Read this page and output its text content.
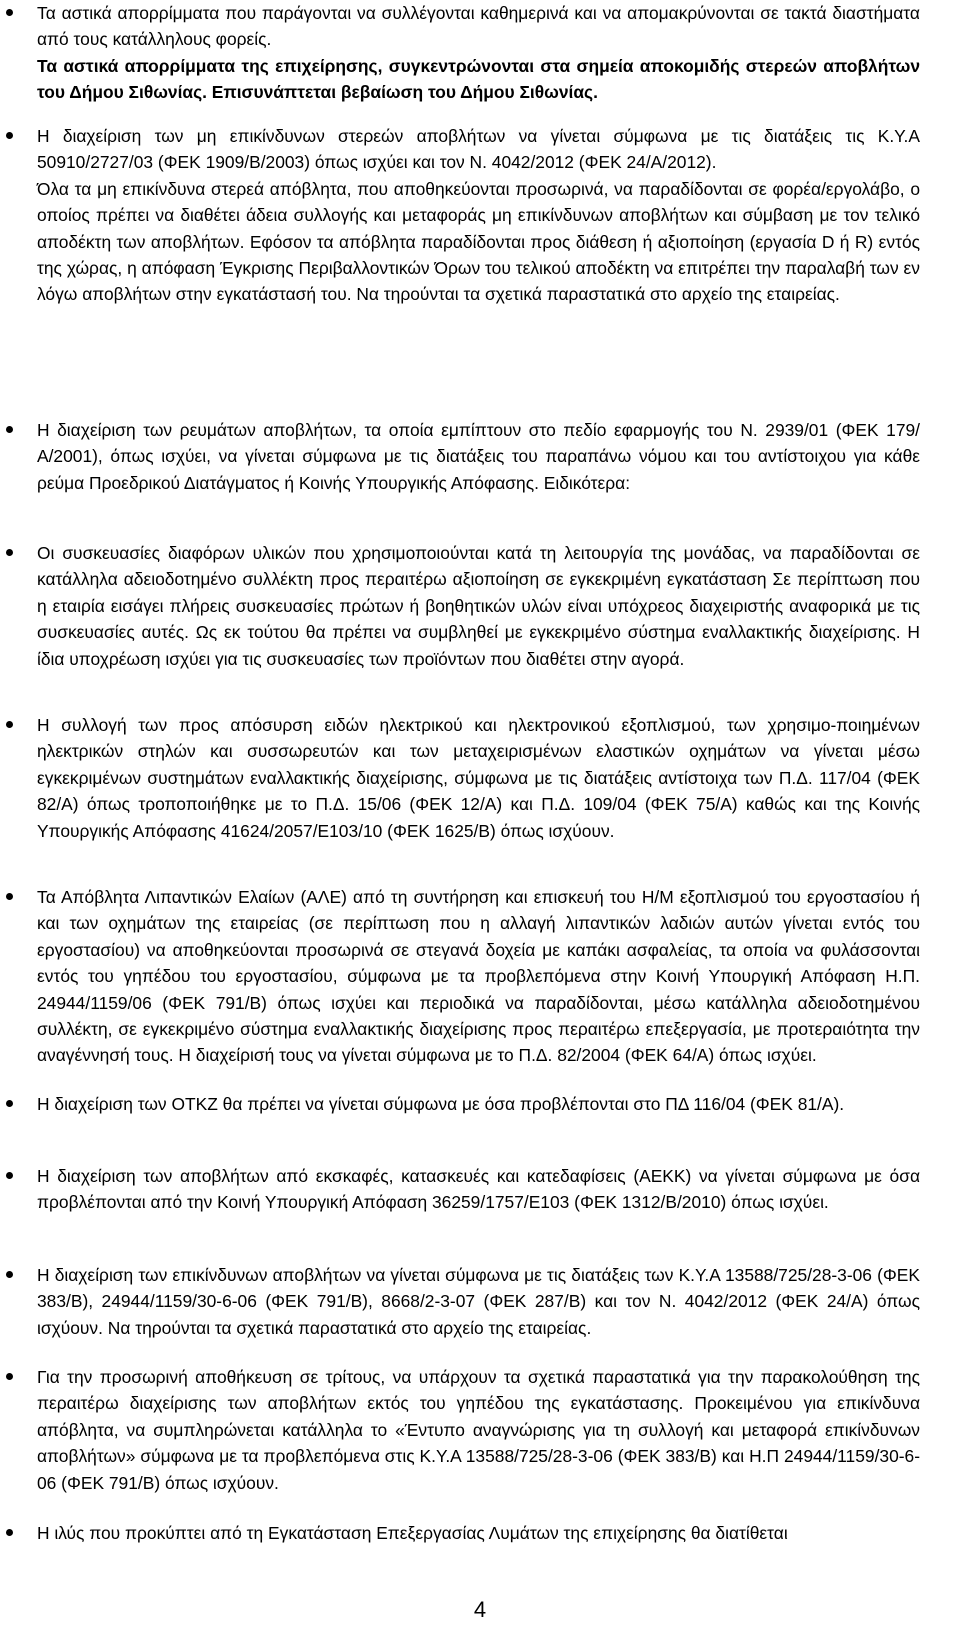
Τα αστικά απορρίμματα που παράγονται να συλλέγονται καθημερινά και να απομακρύνονται σε τακτά διαστήματα από τους κατάλληλους φορείς.
Τα αστικά απορρίμματα της επιχείρησης, συγκεντρώνονται στα σημεία αποκομιδής στερεών αποβλήτων του Δήμου Σιθωνίας. Επισυνάπτεται βεβαίωση του Δήμου Σιθωνίας.
Η διαχείριση των μη επικίνδυνων στερεών αποβλήτων να γίνεται σύμφωνα με τις διατάξεις τις Κ.Υ.Α 50910/2727/03 (ΦΕΚ 1909/Β/2003) όπως ισχύει και τον Ν. 4042/2012 (ΦΕΚ 24/Α/2012).
Όλα τα μη επικίνδυνα στερεά απόβλητα, που αποθηκεύονται προσωρινά, να παραδίδονται σε φορέα/εργολάβο, ο οποίος πρέπει να διαθέτει άδεια συλλογής και μεταφοράς μη επικίνδυνων αποβλήτων και σύμβαση με τον τελικό αποδέκτη των αποβλήτων. Εφόσον τα απόβλητα παραδίδονται προς διάθεση ή αξιοποίηση (εργασία D ή R) εντός της χώρας, η απόφαση Έγκρισης Περιβαλλοντικών Όρων του τελικού αποδέκτη να επιτρέπει την παραλαβή των εν λόγω αποβλήτων στην εγκατάστασή του. Να τηρούνται τα σχετικά παραστατικά στο αρχείο της εταιρείας.
Η διαχείριση των ρευμάτων αποβλήτων, τα οποία εμπίπτουν στο πεδίο εφαρμογής του Ν. 2939/01 (ΦΕΚ 179/Α/2001), όπως ισχύει, να γίνεται σύμφωνα με τις διατάξεις του παραπάνω νόμου και του αντίστοιχου για κάθε ρεύμα Προεδρικού Διατάγματος ή Κοινής Υπουργικής Απόφασης. Ειδικότερα:
Οι συσκευασίες διαφόρων υλικών που χρησιμοποιούνται κατά τη λειτουργία της μονάδας, να παραδίδονται σε κατάλληλα αδειοδοτημένο συλλέκτη προς περαιτέρω αξιοποίηση σε εγκεκριμένη εγκατάσταση Σε περίπτωση που η εταιρία εισάγει πλήρεις συσκευασίες πρώτων ή βοηθητικών υλών είναι υπόχρεος διαχειριστής αναφορικά με τις συσκευασίες αυτές. Ως εκ τούτου θα πρέπει να συμβληθεί με εγκεκριμένο σύστημα εναλλακτικής διαχείρισης. Η ίδια υποχρέωση ισχύει για τις συσκευασίες των προϊόντων που διαθέτει στην αγορά.
Η συλλογή των προς απόσυρση ειδών ηλεκτρικού και ηλεκτρονικού εξοπλισμού, των χρησιμο-ποιημένων ηλεκτρικών στηλών και συσσωρευτών και των μεταχειρισμένων ελαστικών οχημάτων να γίνεται μέσω εγκεκριμένων συστημάτων εναλλακτικής διαχείρισης, σύμφωνα με τις διατάξεις αντίστοιχα των Π.Δ. 117/04 (ΦΕΚ 82/Α) όπως τροποποιήθηκε με το Π.Δ. 15/06 (ΦΕΚ 12/Α) και Π.Δ. 109/04 (ΦΕΚ 75/Α) καθώς και της Κοινής Υπουργικής Απόφασης 41624/2057/Ε103/10 (ΦΕΚ 1625/Β) όπως ισχύουν.
Τα Απόβλητα Λιπαντικών Ελαίων (ΑΛΕ) από τη συντήρηση και επισκευή του Η/Μ εξοπλισμού του εργοστασίου ή και των οχημάτων της εταιρείας (σε περίπτωση που η αλλαγή λιπαντικών λαδιών αυτών γίνεται εντός του εργοστασίου) να αποθηκεύονται προσωρινά σε στεγανά δοχεία με καπάκι ασφαλείας, τα οποία να φυλάσσονται εντός του γηπέδου του εργοστασίου, σύμφωνα με τα προβλεπόμενα στην Κοινή Υπουργική Απόφαση Η.Π. 24944/1159/06 (ΦΕΚ 791/Β) όπως ισχύει και περιοδικά να παραδίδονται, μέσω κατάλληλα αδειοδοτημένου συλλέκτη, σε εγκεκριμένο σύστημα εναλλακτικής διαχείρισης προς περαιτέρω επεξεργασία, με προτεραιότητα την αναγέννησή τους. Η διαχείρισή τους να γίνεται σύμφωνα με το Π.Δ. 82/2004 (ΦΕΚ 64/Α) όπως ισχύει.
Η διαχείριση των ΟΤΚΖ θα πρέπει να γίνεται σύμφωνα με όσα προβλέπονται στο ΠΔ 116/04 (ΦΕΚ 81/Α).
Η διαχείριση των αποβλήτων από εκσκαφές, κατασκευές και κατεδαφίσεις (ΑΕΚΚ) να γίνεται σύμφωνα με όσα προβλέπονται από την Κοινή Υπουργική Απόφαση 36259/1757/Ε103 (ΦΕΚ 1312/Β/2010) όπως ισχύει.
Η διαχείριση των επικίνδυνων αποβλήτων να γίνεται σύμφωνα με τις διατάξεις των Κ.Υ.Α 13588/725/28-3-06 (ΦΕΚ 383/Β), 24944/1159/30-6-06 (ΦΕΚ 791/Β), 8668/2-3-07 (ΦΕΚ 287/Β) και τον Ν. 4042/2012 (ΦΕΚ 24/Α) όπως ισχύουν. Να τηρούνται τα σχετικά παραστατικά στο αρχείο της εταιρείας.
Για την προσωρινή αποθήκευση σε τρίτους, να υπάρχουν τα σχετικά παραστατικά για την παρακολούθηση της περαιτέρω διαχείρισης των αποβλήτων εκτός του γηπέδου της εγκατάστασης. Προκειμένου για επικίνδυνα απόβλητα, να συμπληρώνεται κατάλληλα το «Έντυπο αναγνώρισης για τη συλλογή και μεταφορά επικίνδυνων αποβλήτων» σύμφωνα με τα προβλεπόμενα στις Κ.Υ.Α 13588/725/28-3-06 (ΦΕΚ 383/Β) και Η.Π 24944/1159/30-6-06 (ΦΕΚ 791/Β) όπως ισχύουν.
Η ιλύς που προκύπτει από τη Εγκατάσταση Επεξεργασίας Λυμάτων της επιχείρησης θα διατίθεται
4
